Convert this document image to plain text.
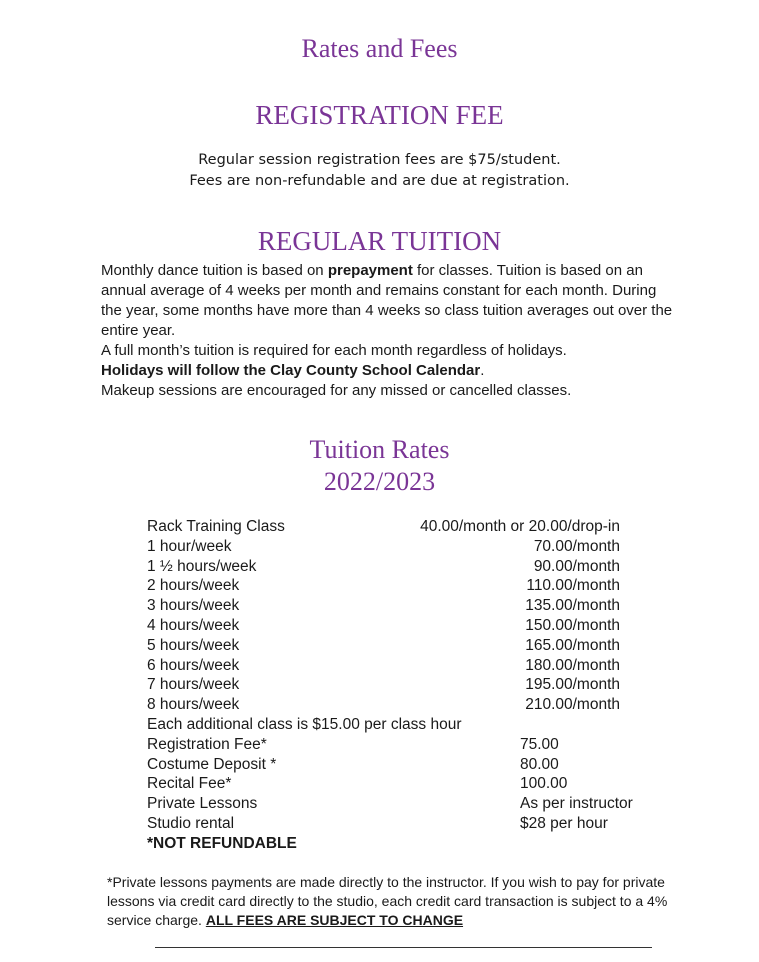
Rates and Fees
REGISTRATION FEE
Regular session registration fees are $75/student.
Fees are non-refundable and are due at registration.
REGULAR TUITION
Monthly dance tuition is based on prepayment for classes. Tuition is based on an annual average of 4 weeks per month and remains constant for each month. During the year, some months have more than 4 weeks so class tuition averages out over the entire year.
A full month’s tuition is required for each month regardless of holidays.
Holidays will follow the Clay County School Calendar.
Makeup sessions are encouraged for any missed or cancelled classes.
Tuition Rates
2022/2023
Rack Training Class	40.00/month or 20.00/drop-in
1 hour/week	70.00/month
1 ½ hours/week	90.00/month
2 hours/week	110.00/month
3 hours/week	135.00/month
4 hours/week	150.00/month
5 hours/week	165.00/month
6 hours/week	180.00/month
7 hours/week	195.00/month
8 hours/week	210.00/month
Each additional class is $15.00 per class hour
Registration Fee*	75.00
Costume Deposit *	80.00
Recital Fee*	100.00
Private Lessons	As per instructor
Studio rental	$28 per hour
*NOT REFUNDABLE
*Private lessons payments are made directly to the instructor. If you wish to pay for private lessons via credit card directly to the studio, each credit card transaction is subject to a 4% service charge. ALL FEES ARE SUBJECT TO CHANGE
